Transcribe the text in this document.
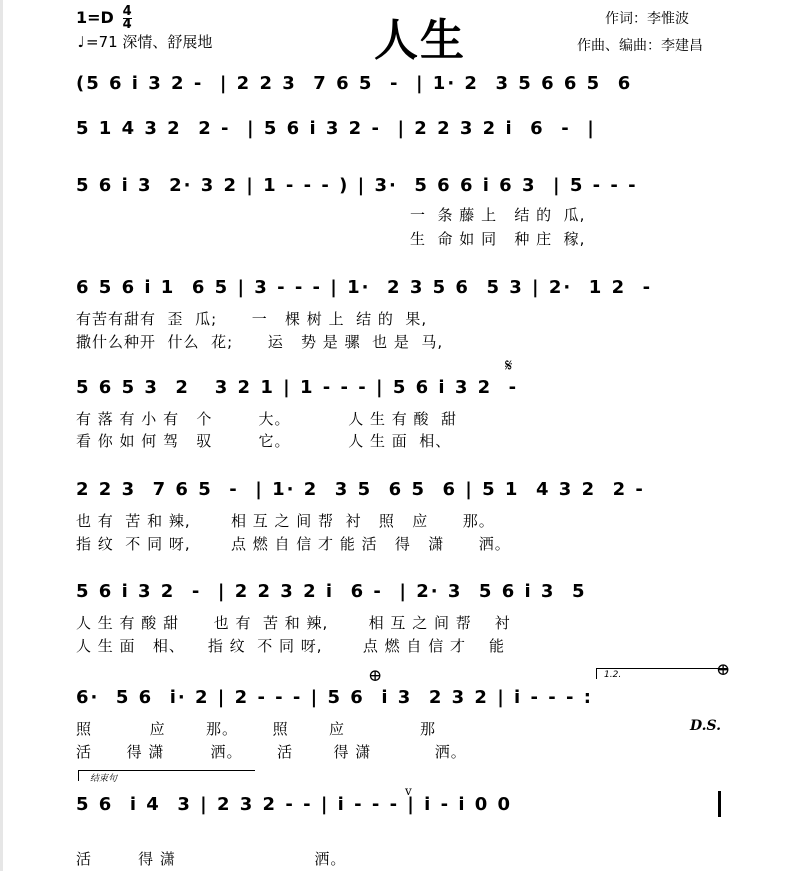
$1=D \frac{4}{4}$
♩=71 深情、舒展地	人生	作词：李惟波
作曲、编曲：李建昌
(5 6 i 3 2 -  | 2 2 3  7 6 5  -  | 1· 2  3 5 6 6 5  6
5 1 4 3 2  2 -  | 5 6 i 3 2 -  | 2 2 3 2 i  6  -  |
5 6 i 3  2· 3 2 | 1 - - - ) | 3·  5 6 6 i 6 3  | 5 - - -
一  条 藤 上   结 的  瓜,
生  命 如 同   种 庄  稼,
6 5 6 i 1  6 5 | 3 - - - | 1·  2 3 5 6  5 3 | 2·  1 2  -
有苦有甜有  歪  瓜;      一   棵 树 上  结 的  果,
撒什么种开  什么  花;      运   势 是 骡  也 是  马,
𝄋
5 6 5 3  2   3 2 1 | 1 - - - | 5 6 i 3 2  -
有 落 有 小 有   个        大。          人 生 有 酸  甜
看 你 如 何 驾   驭        它。          人 生 面  相、
2 2 3  7 6 5  -  | 1· 2  3 5  6 5  6 | 5 1  4 3 2  2 -
也 有  苦 和 辣,       相 互 之 间 帮  衬   照   应      那。
指 纹  不 同 呀,       点 燃 自 信 才 能 活   得   潇      洒。
5 6 i 3 2  -  | 2 2 3 2 i  6 -  | 2· 3  5 6 i 3  5
人 生 有 酸 甜      也 有  苦 和 辣,       相 互 之 间 帮    衬
人 生 面   相、    指 纹  不 同 呀,       点 燃 自 信 才    能
⊕	⊕
1.2.
6·  5 6  i· 2 | 2 - - - | 5 6  i 3  2 3 2 | i - - - :
D.S.
照          应       那。      照       应             那
活      得 潇        洒。      活       得 潇           洒。
结束句
v
5 6  i 4  3 | 2 3 2 - - | i - - - | i - i 0 0
活        得 潇                        洒。
